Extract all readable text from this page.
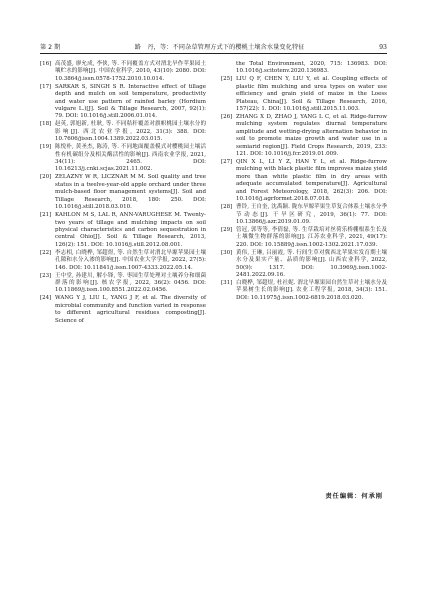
第 2 期	路　丹，等：不同杂草管理方式下的樱桃土壤含水量变化特征	93
[16] 高茂盛, 廖允成, 李侠, 等. 不同覆盖方式对渭北旱作苹果园土壤贮水的影响[J]. 中国农业科学, 2010, 43(10): 2080. DOI: 10.3864/j.issn.0578-1752.2010.10.014.
[17] SARKAR S, SINGH S R. Interactive effect of tillage depth and mulch on soil temperature, productivity and water use pattern of rainfed barley (Hordium vulgare L.)[J]. Soil & Tillage Research, 2007, 92(1): 79. DOI: 10.1016/j.still.2006.01.014.
[18] 赵英, 郭旭新, 杜耿, 等. 不同秸秆覆盖对旗帜桃园土壤水分的影响[J]. 西北农业学报, 2022, 31(3): 388. DOI: 10.7606/jissn.1004.1389.2022.03.015.
[19] 陈悦朴, 黄圣杰, 陈涛, 等. 不同地面覆盖模式对樱桃园土壤活性有机碳组分及相关酶活性的影响[J]. 西南农业学报, 2021, 34(11): 2465. DOI: 10.16213/j.cnki.scjas.2021.11.002.
[20] ZELAZNY W R, LICZNAR M M. Soil quality and tree status in a twelve-year-old apple orchard under three mulch-based floor management systems[J]. Soil and Tillage Research, 2018, 180: 250. DOI: 10.1016/j.still.2018.03.010.
[21] KAHLON M S, LAL R, ANN-VARUGHESE M. Twenty-two years of tillage and mulching impacts on soil physical characteristics and carbon sequestration in central Ohio[J]. Soil & Tillage Research, 2013, 126(2): 151. DOI: 10.1016/j.still.2012.08.001.
[22] 李志相, 白晓桦, 邹超煜, 等. 自然生草对渭北旱塬苹果园土壤孔隙和水分入渗的影响[J]. 中国农业大学学报, 2022, 27(5): 146. DOI: 10.11841/j.issn.1007-4333.2022.05.14.
[23] 王中堂, 孙建川, 解小锋, 等. 枣园生草处理对土壤养分和细菌群落的影响[J]. 核农学报, 2022, 36(2): 0456. DOI: 10.11869/j.issn.100.8551.2022.02.0456.
[24] WANG Y J, LIU L, YANG J F, et al. The diversity of microbial community and function varied in response to different agricultural residues composting[J]. Science of
the Total Environment, 2020, 715: 136983. DOI: 10.1016/j.scitotenv.2020.136983.
[25] LIU Q F, CHEN Y, LIU Y, et al. Coupling effects of plastic film mulching and urea types on water use efficiency and grain yield of maize in the Loess Plateau, China[J]. Soil & Tillage Research, 2016, 157(22): 1. DOI: 10.1016/j.still.2015.11.003.
[26] ZHANG X D, ZHAO J, YANG L C, et al. Ridge-furrow mulching system regulates diurnal temperature amplitude and wetting-drying alternation behavior in soil to promote maize growth and water use in a semiarid region[J]. Field Crops Research, 2019, 233: 121. DOI: 10.1016/j.fcr.2019.01.009.
[27] QIN X L, LI Y Z, HAN Y L, et al. Ridge-furrow mulching with black plastic film improves maize yield more than white plastic film in dry areas with adequate accumulated temperature[J]. Agricultural and Forest Meteorology, 2018, 262(3): 206. DOI: 10.1016/j.agrformet.2018.07.018.
[28] 曹铃, 王自奎, 沈禹颖. 陇东旱塬苹果生草复合体系土壤水分季节动态[J]. 干旱区研究, 2019, 36(1): 77. DOI: 10.13866/j.azr.2019.01.09.
[29] 管冠, 郭等等, 李倩磊, 等. 生草栽培对丝荷乐桥棚根系生长及土壤微生物群落的影响[J]. 江苏农业科学, 2021, 49(17): 220. DOI: 10.15889/j.issn.1002-1302.2021.17.039.
[30] 黄伟, 王琳, 吕丽霞, 等. 行间生草对冀西北苹果实发育期土壤水分及果实产量、品质的影响[J]. 山西农业科学, 2022, 50(9): 1317. DOI: 10.3969/j.issn.1002-2481.2022.09.16.
[31] 白晓桦, 邹超煜, 杜社妮. 渭北旱塬果园自然生草对土壤水分及苹果树生长的影响[J]. 农业工程学报, 2018, 34(3): 151. DOI: 10.11975/j.issn.1002-6819.2018.03.020.
责任编辑：何承刚
